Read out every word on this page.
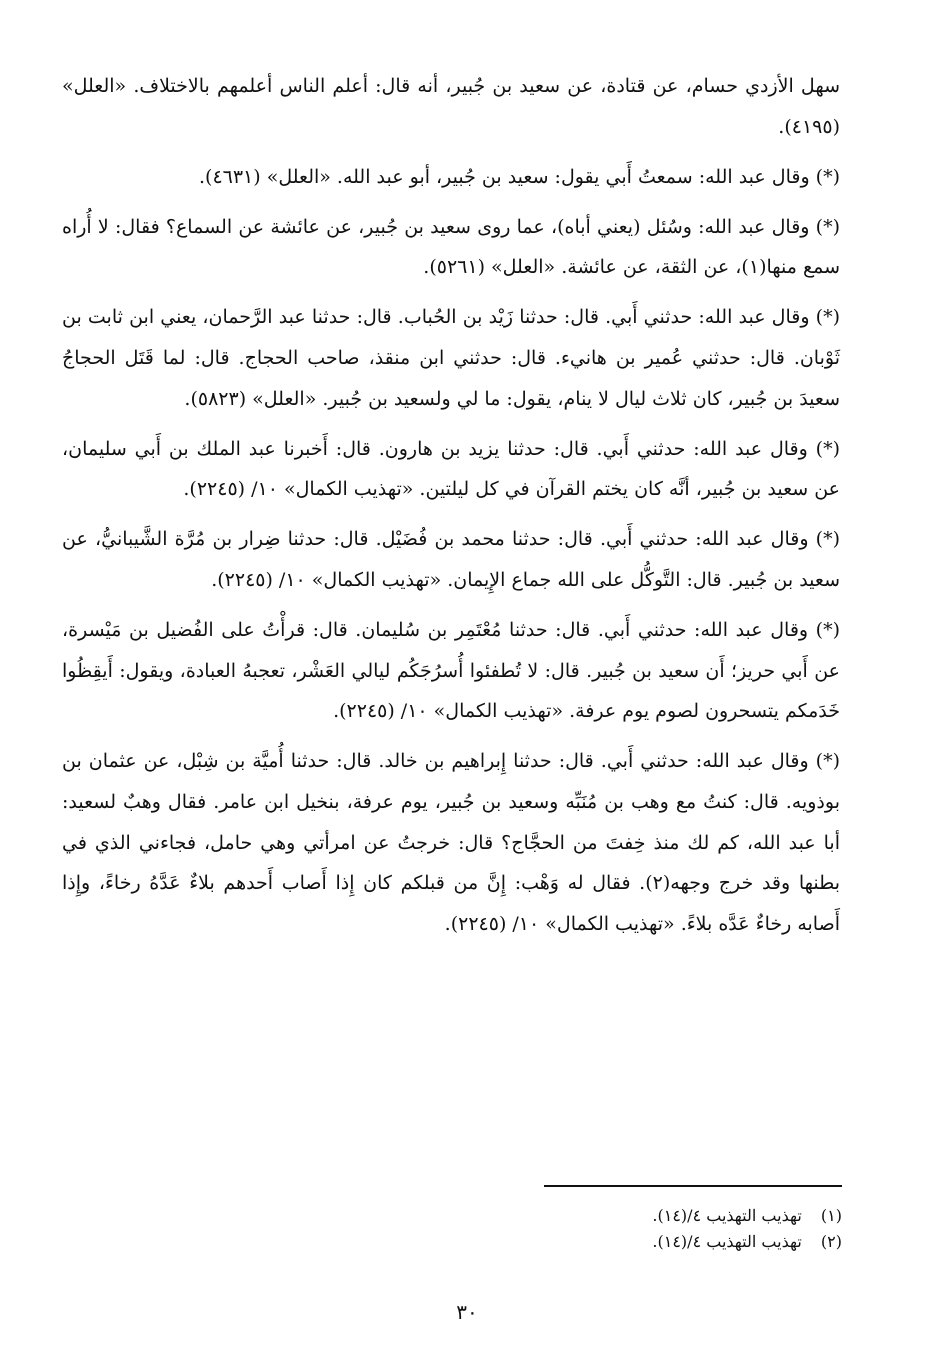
سهل الأزدي حسام، عن قتادة، عن سعيد بن جُبير، أنه قال: أعلم الناس أعلمهم بالاختلاف. «العلل» (٤١٩٥).

(*) وقال عبد الله: سمعتُ أَبي يقول: سعيد بن جُبير، أبو عبد الله. «العلل» (٤٦٣١).

(*) وقال عبد الله: وسُئل (يعني أباه)، عما روى سعيد بن جُبير، عن عائشة عن السماع؟ فقال: لا أُراه سمع منها(١)، عن الثقة، عن عائشة. «العلل» (٥٢٦١).

(*) وقال عبد الله: حدثني أَبي. قال: حدثنا زَيْد بن الحُباب. قال: حدثنا عبد الرَّحمان، يعني ابن ثابت بن ثَوْبان. قال: حدثني عُمير بن هانيء. قال: حدثني ابن منقذ، صاحب الحجاج. قال: لما قَتَل الحجاجُ سعيدَ بن جُبير، كان ثلاث ليال لا ينام، يقول: ما لي ولسعيد بن جُبير. «العلل» (٥٨٢٣).

(*) وقال عبد الله: حدثني أَبي. قال: حدثنا يزيد بن هارون. قال: أَخبرنا عبد الملك بن أَبي سليمان، عن سعيد بن جُبير، أنَّه كان يختم القرآن في كل ليلتين. «تهذيب الكمال» ١٠/ (٢٢٤٥).

(*) وقال عبد الله: حدثني أَبي. قال: حدثنا محمد بن فُضَيْل. قال: حدثنا ضِرار بن مُرَّة الشَّيبانيُّ، عن سعيد بن جُبير. قال: التَّوكُّل على الله جماع الإِيمان. «تهذيب الكمال» ١٠/ (٢٢٤٥).

(*) وقال عبد الله: حدثني أَبي. قال: حدثنا مُعْتَمِر بن سُليمان. قال: قرأْتُ على الفُضيل بن مَيْسرة، عن أَبي حريز؛ أَن سعيد بن جُبير. قال: لا تُطفئوا أُسرُجَكُم ليالي العَشْر، تعجبهُ العبادة، ويقول: أَيقِظُوا خَدَمكم يتسحرون لصوم يوم عرفة. «تهذيب الكمال» ١٠/ (٢٢٤٥).

(*) وقال عبد الله: حدثني أَبي. قال: حدثنا إِبراهيم بن خالد. قال: حدثنا أُميَّة بن شِبْل، عن عثمان بن بوذويه. قال: كنتُ مع وهب بن مُنَبِّه وسعيد بن جُبير، يوم عرفة، بنخيل ابن عامر. فقال وهبٌ لسعيد: أبا عبد الله، كم لك منذ خِفتَ من الحجَّاج؟ قال: خرجتُ عن امرأتي وهي حامل، فجاءني الذي في بطنها وقد خرج وجهه(٢). فقال له وَهْب: إِنَّ من قبلكم كان إِذا أَصاب أَحدهم بلاءٌ عَدَّهُ رخاءً، وإِذا أَصابه رخاءٌ عَدَّه بلاءً. «تهذيب الكمال» ١٠/ (٢٢٤٥).

(١) تهذيب التهذيب ٤/(١٤).
(٢) تهذيب التهذيب ٤/(١٤).
٣٠
